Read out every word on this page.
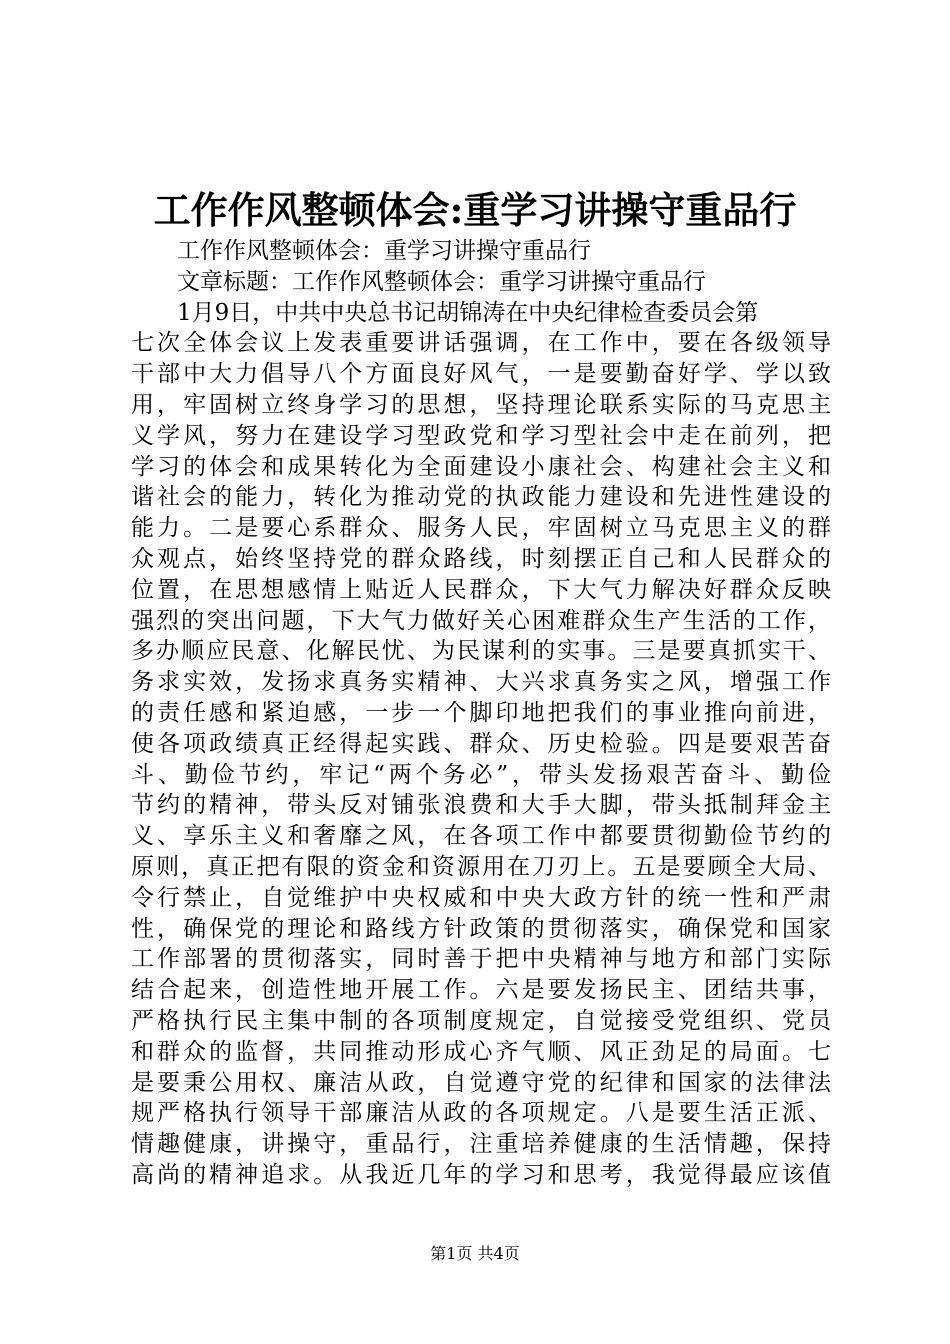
工作作风整顿体会:重学习讲操守重品行
工作作风整顿体会：重学习讲操守重品行
文章标题：工作作风整顿体会：重学习讲操守重品行
1月9日，中共中央总书记胡锦涛在中央纪律检查委员会第
七次全体会议上发表重要讲话强调，在工作中，要在各级领导
干部中大力倡导八个方面良好风气，一是要勤奋好学、学以致
用，牢固树立终身学习的思想，坚持理论联系实际的马克思主
义学风，努力在建设学习型政党和学习型社会中走在前列，把
学习的体会和成果转化为全面建设小康社会、构建社会主义和
谐社会的能力，转化为推动党的执政能力建设和先进性建设的
能力。二是要心系群众、服务人民，牢固树立马克思主义的群
众观点，始终坚持党的群众路线，时刻摆正自己和人民群众的
位置，在思想感情上贴近人民群众，下大气力解决好群众反映
强烈的突出问题，下大气力做好关心困难群众生产生活的工作，
多办顺应民意、化解民忧、为民谋利的实事。三是要真抓实干、
务求实效，发扬求真务实精神、大兴求真务实之风，增强工作
的责任感和紧迫感，一步一个脚印地把我们的事业推向前进，
使各项政绩真正经得起实践、群众、历史检验。四是要艰苦奋
斗、勤俭节约，牢记“两个务必”，带头发扬艰苦奋斗、勤俭
节约的精神，带头反对铺张浪费和大手大脚，带头抵制拜金主
义、享乐主义和奢靡之风，在各项工作中都要贯彻勤俭节约的
原则，真正把有限的资金和资源用在刀刃上。五是要顾全大局、
令行禁止，自觉维护中央权威和中央大政方针的统一性和严肃
性，确保党的理论和路线方针政策的贯彻落实，确保党和国家
工作部署的贯彻落实，同时善于把中央精神与地方和部门实际
结合起来，创造性地开展工作。六是要发扬民主、团结共事，
严格执行民主集中制的各项制度规定，自觉接受党组织、党员
和群众的监督，共同推动形成心齐气顺、风正劲足的局面。七
是要秉公用权、廉洁从政，自觉遵守党的纪律和国家的法律法
规严格执行领导干部廉洁从政的各项规定。八是要生活正派、
情趣健康，讲操守，重品行，注重培养健康的生活情趣，保持
高尚的精神追求。从我近几年的学习和思考，我觉得最应该值
第1页 共4页
